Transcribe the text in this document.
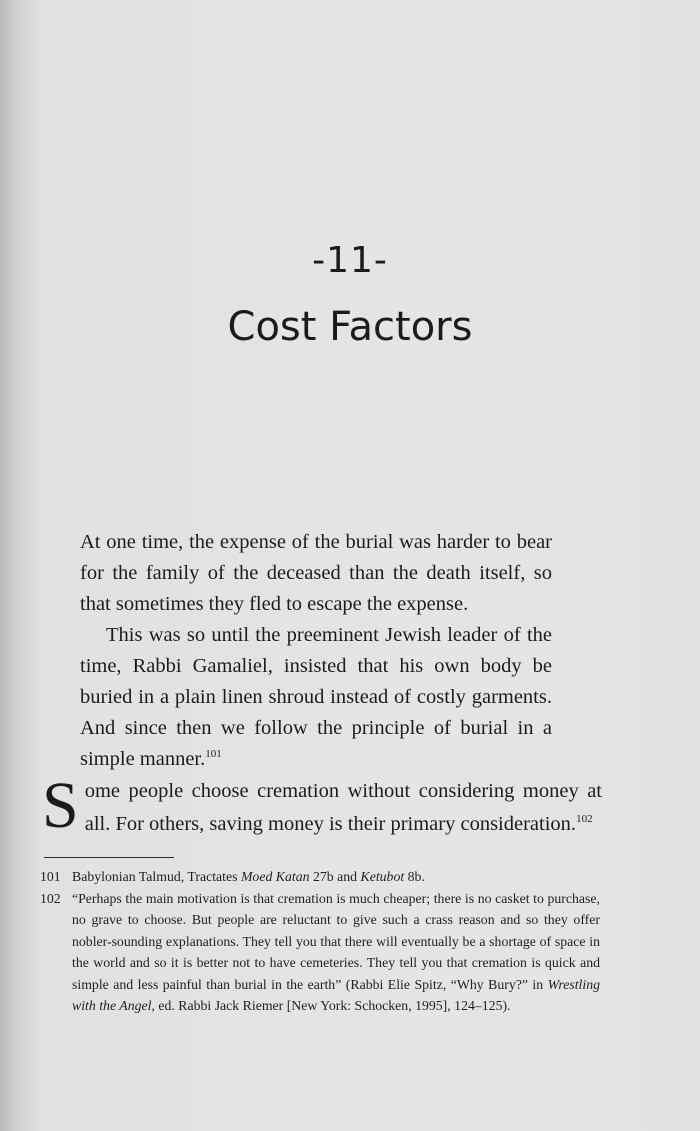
-11-
Cost Factors

At one time, the expense of the burial was harder to bear for the family of the deceased than the death itself, so that sometimes they fled to escape the expense.

This was so until the preeminent Jewish leader of the time, Rabbi Gamaliel, insisted that his own body be buried in a plain linen shroud instead of costly garments. And since then we follow the principle of burial in a simple manner.$^{101}$

Some people choose cremation without considering money at all. For others, saving money is their primary consideration.$^{102}$

101 Babylonian Talmud, Tractates Moed Katan 27b and Ketubot 8b.

102 “Perhaps the main motivation is that cremation is much cheaper; there is no casket to purchase, no grave to choose. But people are reluctant to give such a crass reason and so they offer nobler-sounding explanations. They tell you that there will eventually be a shortage of space in the world and so it is better not to have cemeteries. They tell you that cremation is quick and simple and less painful than burial in the earth” (Rabbi Elie Spitz, “Why Bury?” in Wrestling with the Angel, ed. Rabbi Jack Riemer [New York: Schocken, 1995], 124–125).
